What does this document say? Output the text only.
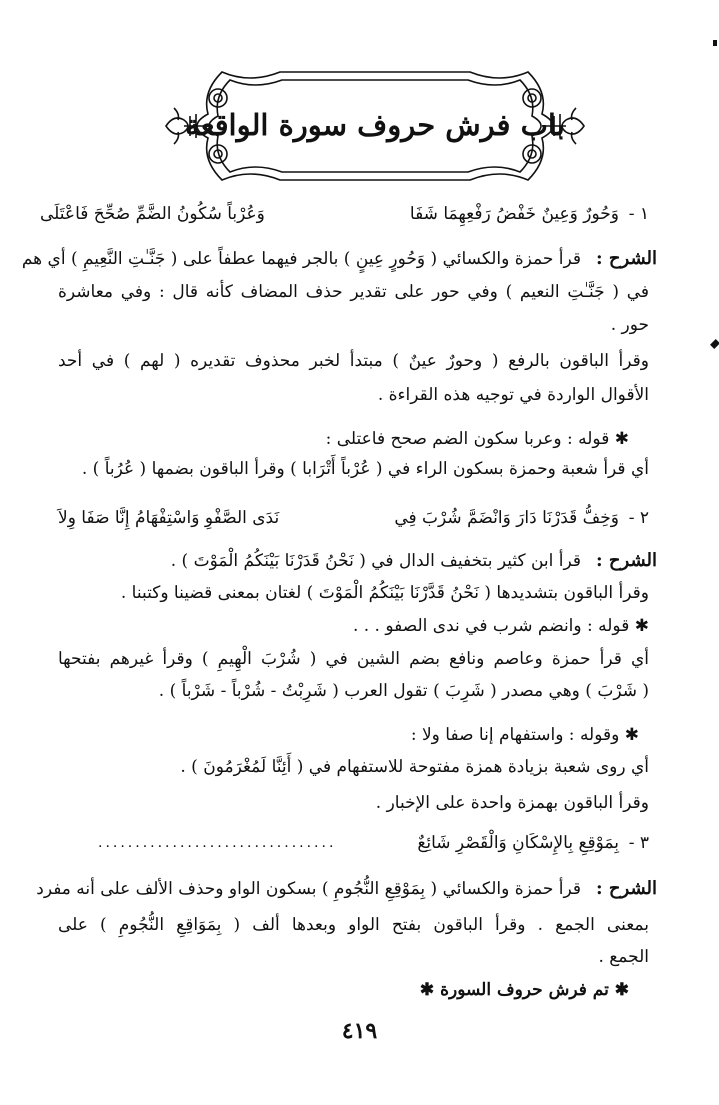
باب فرش حروف سورة الواقعة
١ -
وَحُورٌ وَعِينٌ خَفْضُ رَفْعِهِمَا شَفَا
وَعُرْباً سُكُونُ الضَّمِّ صُحِّحَ فَاعْتَلَى
الشرح :
قرأ حمزة والكسائي ( وَحُورٍ عِينٍ ) بالجر فيهما عطفاً على ( جَنَّـٰتِ النَّعِيمِ ) أي هم
في ( جَنَّـٰتِ النعيم ) وفي حور على تقدير حذف المضاف كأنه قال : وفي معاشرة
حور .
وقرأ الباقون بالرفع ( وحورٌ عينٌ ) مبتدأ لخبر محذوف تقديره ( لهم ) في أحد
الأقوال الواردة في توجيه هذه القراءة .
✱ قوله : وعربا سكون الضم صحح فاعتلى :
أي قرأ شعبة وحمزة بسكون الراء في ( عُرْباً أَتْرَابا ) وقرأ الباقون بضمها ( عُرُباً ) .
٢ -
وَخِفُّ قَدَرْنَا دَارَ وَانْضَمَّ شُرْبَ فِي
نَدَى الصَّفْوِ وَاسْتِفْهَامُ إِنَّا صَفَا وِلاَ
الشرح :
قرأ ابن كثير بتخفيف الدال في ( نَحْنُ قَدَرْنَا بَيْنَكُمُ الْمَوْتَ ) .
وقرأ الباقون بتشديدها ( نَحْنُ قَدَّرْنَا بَيْنَكُمُ الْمَوْتَ ) لغتان بمعنى قضينا وكتبنا .
✱ قوله : وانضم شرب في ندى الصفو . . .
أي قرأ حمزة وعاصم ونافع بضم الشين في ( شُرْبَ الْهِيمِ ) وقرأ غيرهم بفتحها
( شَرْبَ ) وهي مصدر ( شَرِبَ ) تقول العرب ( شَرِبْتُ - شُرْباً - شَرْباً ) .
✱ وقوله : واستفهام إنا صفا ولا :
أي روى شعبة بزيادة همزة مفتوحة للاستفهام في ( أَئِنَّا لَمُغْرَمُونَ ) .
وقرأ الباقون بهمزة واحدة على الإخبار .
٣ -
بِمَوْقِعِ بِالإِسْكَانِ وَالْقَصْرِ شَائِعٌ
................................
الشرح :
قرأ حمزة والكسائي ( بِمَوْقِعِ النُّجُومِ ) بسكون الواو وحذف الألف على أنه مفرد
بمعنى الجمع . وقرأ الباقون بفتح الواو وبعدها ألف ( بِمَوَاقِعِ النُّجُومِ ) على
الجمع .
✱ تم فرش حروف السورة ✱
٤١٩
